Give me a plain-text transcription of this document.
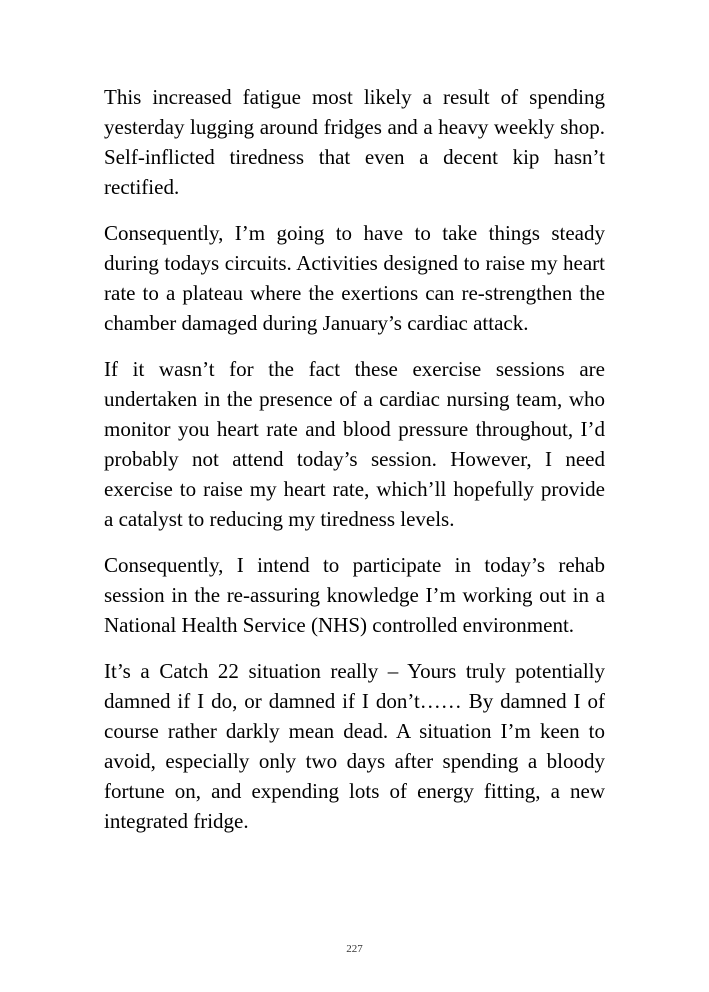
This increased fatigue most likely a result of spending yesterday lugging around fridges and a heavy weekly shop. Self-inflicted tiredness that even a decent kip hasn’t rectified.

Consequently, I’m going to have to take things steady during todays circuits. Activities designed to raise my heart rate to a plateau where the exertions can re-strengthen the chamber damaged during January’s cardiac attack.

If it wasn’t for the fact these exercise sessions are undertaken in the presence of a cardiac nursing team, who monitor you heart rate and blood pressure throughout, I’d probably not attend today’s session. However, I need exercise to raise my heart rate, which’ll hopefully provide a catalyst to reducing my tiredness levels.

Consequently, I intend to participate in today’s rehab session in the re-assuring knowledge I’m working out in a National Health Service (NHS) controlled environment.

It’s a Catch 22 situation really – Yours truly potentially damned if I do, or damned if I don’t…… By damned I of course rather darkly mean dead. A situation I’m keen to avoid, especially only two days after spending a bloody fortune on, and expending lots of energy fitting, a new integrated fridge.

227
